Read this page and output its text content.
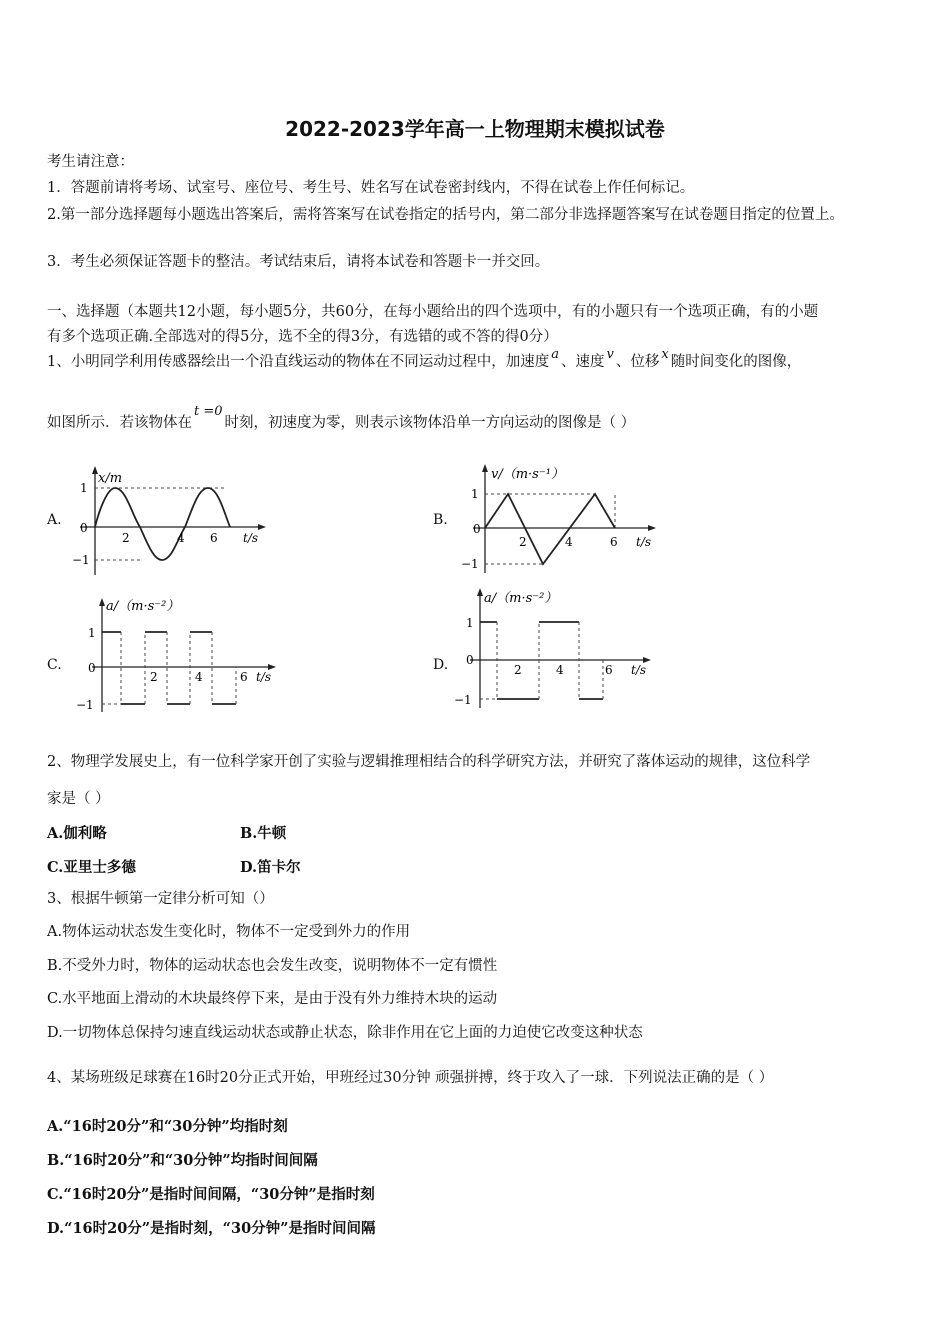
2022-2023学年高一上物理期末模拟试卷
考生请注意：
1．答题前请将考场、试室号、座位号、考生号、姓名写在试卷密封线内，不得在试卷上作任何标记。
2.第一部分选择题每小题选出答案后，需将答案写在试卷指定的括号内，第二部分非选择题答案写在试卷题目指定的位置上。
3．考生必须保证答题卡的整洁。考试结束后，请将本试卷和答题卡一并交回。
一、选择题（本题共12小题，每小题5分，共60分，在每小题给出的四个选项中，有的小题只有一个选项正确，有的小题
有多个选项正确.全部选对的得5分，选不全的得3分，有选错的或不答的得0分）
1、小明同学利用传感器绘出一个沿直线运动的物体在不同运动过程中，加速度 a 、速度 v 、位移 x 随时间变化的图像，
如图所示．若该物体在t =0时刻，初速度为零，则表示该物体沿单一方向运动的图像是（ ）
A.	B.
C.	D.
x/m
1
0
−1
2	4 6 t/s
v/（m·s⁻¹）
1
0
−1
2	4	6 t/s
a/（m·s⁻²）
1
0
−1
2	4	6 t/s
a/（m·s⁻²）
1
0
−1
2	4	6 t/s
2、物理学发展史上，有一位科学家开创了实验与逻辑推理相结合的科学研究方法，并研究了落体运动的规律，这位科学
家是（ ）
A.伽利略	B.牛顿
C.亚里士多德	D.笛卡尔
3、根据牛顿第一定律分析可知（）
A.物体运动状态发生变化时，物体不一定受到外力的作用
B.不受外力时，物体的运动状态也会发生改变，说明物体不一定有惯性
C.水平地面上滑动的木块最终停下来，是由于没有外力维持木块的运动
D.一切物体总保持匀速直线运动状态或静止状态，除非作用在它上面的力迫使它改变这种状态
4、某场班级足球赛在16时20分正式开始，甲班经过30分钟 顽强拼搏，终于攻入了一球．下列说法正确的是（ ）
A.“16时20分”和“30分钟”均指时刻
B.“16时20分”和“30分钟”均指时间间隔
C.“16时20分”是指时间间隔，“30分钟”是指时刻
D.“16时20分”是指时刻，“30分钟”是指时间间隔
